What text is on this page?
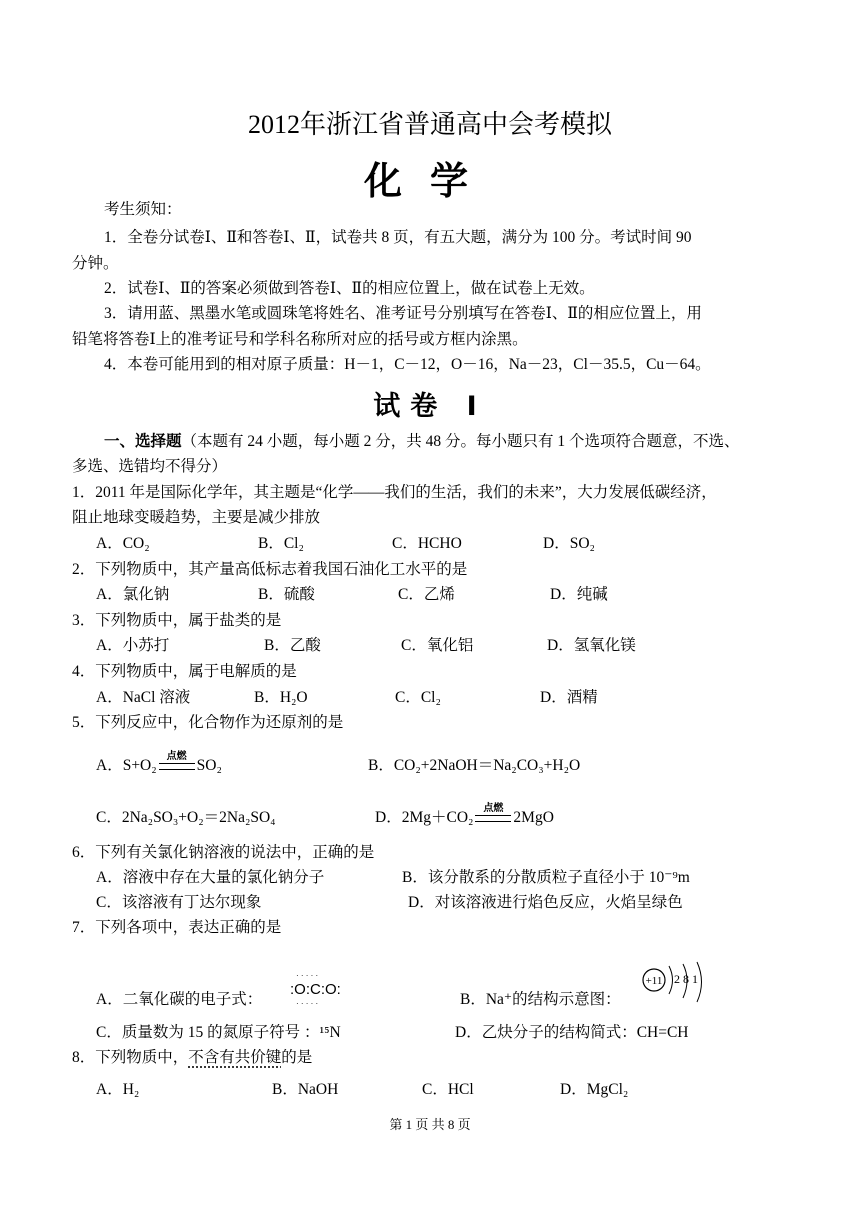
2012年浙江省普通高中会考模拟
化学
考生须知：
1．全卷分试卷Ⅰ、Ⅱ和答卷Ⅰ、Ⅱ，试卷共 8 页，有五大题，满分为 100 分。考试时间 90
分钟。
2．试卷Ⅰ、Ⅱ的答案必须做到答卷Ⅰ、Ⅱ的相应位置上，做在试卷上无效。
3．请用蓝、黑墨水笔或圆珠笔将姓名、准考证号分别填写在答卷Ⅰ、Ⅱ的相应位置上，用
铅笔将答卷Ⅰ上的准考证号和学科名称所对应的括号或方框内涂黑。
4．本卷可能用到的相对原子质量：H－1，C－12，O－16，Na－23，Cl－35.5，Cu－64。
试卷 Ⅰ
一、选择题（本题有 24 小题，每小题 2 分，共 48 分。每小题只有 1 个选项符合题意，不选、
多选、选错均不得分）
1．2011 年是国际化学年，其主题是“化学——我们的生活，我们的未来”，大力发展低碳经济，
阻止地球变暖趋势，主要是减少排放
A．CO₂	B．Cl₂	C．HCHO	D．SO₂
2．下列物质中，其产量高低标志着我国石油化工水平的是
A．氯化钠	B．硫酸	C．乙烯	D．纯碱
3．下列物质中，属于盐类的是
A．小苏打	B．乙酸	C．氧化铝	D．氢氧化镁
4．下列物质中，属于电解质的是
A．NaCl 溶液	B．H₂O	C．Cl₂	D．酒精
5．下列反应中，化合物作为还原剂的是
A．S+O₂
点燃
SO₂	B．CO₂+2NaOH＝Na₂CO₃+H₂O
C．2Na₂SO₃+O₂＝2Na₂SO₄	D．2Mg＋CO₂
点燃
2MgO
6．下列有关氯化钠溶液的说法中，正确的是
A．溶液中存在大量的氯化钠分子	B．该分散系的分散质粒子直径小于 10⁻⁹m
C．该溶液有丁达尔现象	D．对该溶液进行焰色反应，火焰呈绿色
7．下列各项中，表达正确的是
A．二氧化碳的电子式：
:O:C:O:
· · · · ·
· · · · ·	B．Na⁺的结构示意图：
+11 2 8 1
C．质量数为 15 的氮原子符号 ：¹⁵N	D．乙炔分子的结构简式：CH=CH
8．下列物质中，不含有共价键的是
A．H₂	B．NaOH	C．HCl	D．MgCl₂
第 1 页 共 8 页
